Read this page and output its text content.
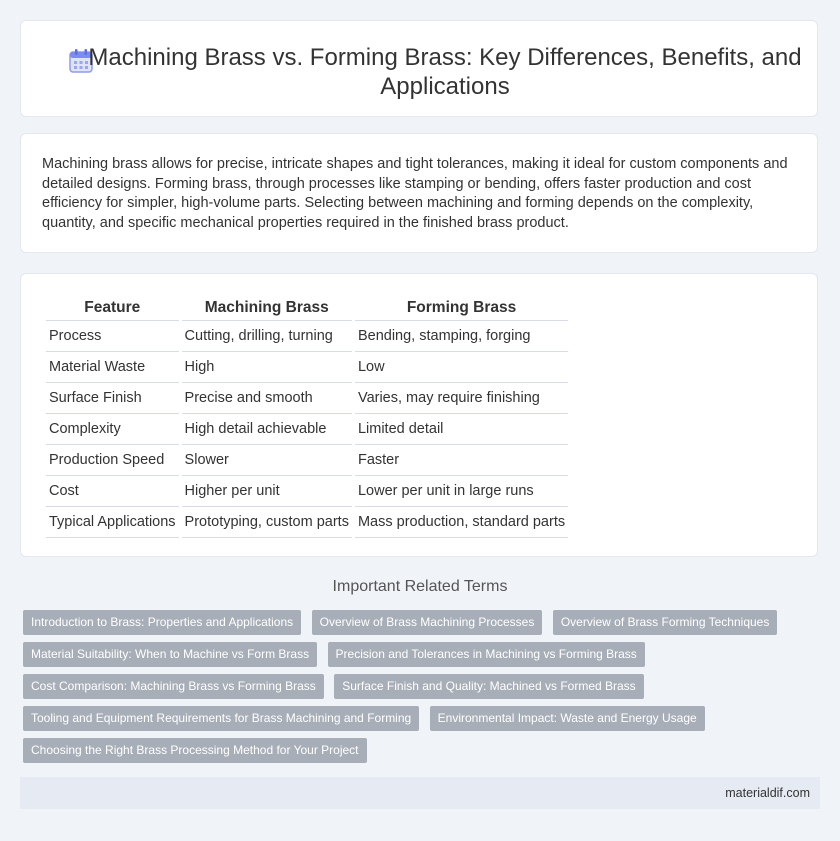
Machining Brass vs. Forming Brass: Key Differences, Benefits, and Applications

Machining brass allows for precise, intricate shapes and tight tolerances, making it ideal for custom components and detailed designs. Forming brass, through processes like stamping or bending, offers faster production and cost efficiency for simpler, high-volume parts. Selecting between machining and forming depends on the complexity, quantity, and specific mechanical properties required in the finished brass product.

Feature	Machining Brass	Forming Brass
Process	Cutting, drilling, turning	Bending, stamping, forging
Material Waste	High	Low
Surface Finish	Precise and smooth	Varies, may require finishing
Complexity	High detail achievable	Limited detail
Production Speed	Slower	Faster
Cost	Higher per unit	Lower per unit in large runs
Typical Applications	Prototyping, custom parts	Mass production, standard parts
Important Related Terms
Introduction to Brass: Properties and Applications Overview of Brass Machining Processes Overview of Brass Forming Techniques Material Suitability: When to Machine vs Form Brass Precision and Tolerances in Machining vs Forming Brass Cost Comparison: Machining Brass vs Forming Brass Surface Finish and Quality: Machined vs Formed Brass Tooling and Equipment Requirements for Brass Machining and Forming Environmental Impact: Waste and Energy Usage Choosing the Right Brass Processing Method for Your Project
materialdif.com
